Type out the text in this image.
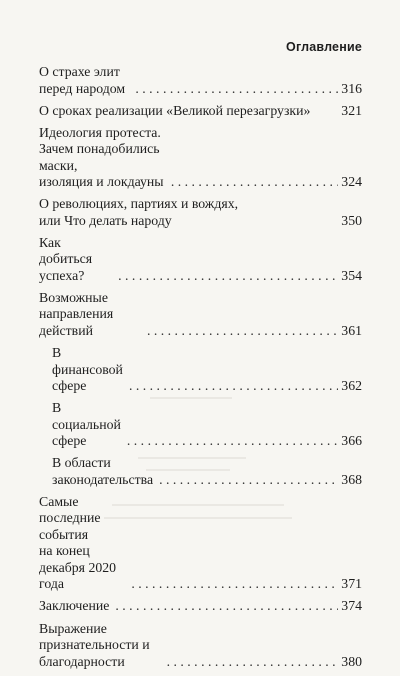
Оглавление
О страхе элит перед народом . . .	316
О сроках реализации «Великой перезагрузки» 321
Идеология протеста. Зачем понадобились маски,
изоляция и локдауны . . .	324
О революциях, партиях и вождях,
или Что делать народу	350
Как добиться успеха? . . .	354
Возможные направления действий . . .	361
В финансовой сфере . . .	362
В социальной сфере . . .	366
В области законодательства . . .	368
Самые последние события
на конец декабря 2020 года . . .	371
Заключение . . .	374
Выражение признательности и благодарности . . .	380
